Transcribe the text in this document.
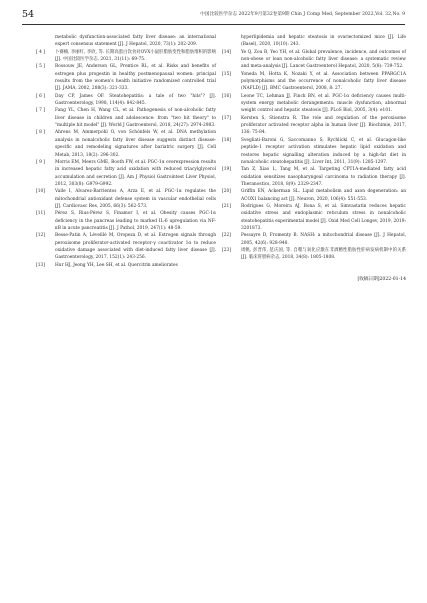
54	中国比较医学杂志 2022年9月第32卷第9期 Chin J Comp Med, September 2022,Vol. 32,No. 9
metabolic dysfunction-associated fatty liver disease: an international expert consensus statement [J]. J Hepatol, 2020, 73(1): 202-209.
[ 4 ] 卜赛楠, 李丽红, 李欣, 等. 长期高蛋白饮食对OVX小鼠肝脂肪变性和脂肪堆积的影响 [J]. 中国比较医学杂志, 2021, 31(11): 69-75.
[ 5 ] Rossouw JE, Anderson GL, Prentice RL, et al. Risks and benefits of estrogen plus progestin in healthy postmenopausal women: principal results from the women's health initiative randomized controlled trial [J]. JAMA, 2002, 288(3): 321-333.
[ 6 ] Day CP, James OF. Steatohepatitis: a tale of two "hits"? [J]. Gastroenterology, 1998, 114(4): 842-845.
[ 7 ] Fang YL, Chen H, Wang CL, et al. Pathogenesis of non-alcoholic fatty liver disease in children and adolescence: from "two hit theory" to "multiple hit model" [J]. World J Gastroenterol, 2018, 24(27): 2974-2983.
[ 8 ] Ahrens M, Ammerpohl O, von Schönfels W, et al. DNA methylation analysis in nonalcoholic fatty liver disease suggests distinct disease-specific and remodeling signatures after bariatric surgery [J]. Cell Metab, 2013, 18(2): 296-302.
[ 9 ] Morris EM, Meers GME, Booth FW, et al. PGC-1α overexpression results in increased hepatic fatty acid oxidation with reduced triacylglycerol accumulation and secretion [J]. Am J Physiol Gastrointest Liver Physiol, 2012, 303(8): G979-G992.
[10] Valle I, Alvarez-Barrientos A, Arza E, et al. PGC-1α regulates the mitochondrial antioxidant defense system in vascular endothelial cells [J]. Cardiovasc Res, 2005, 66(3): 562-573.
[11] Pérez S, Rius-Pérez S, Finamor I, et al. Obesity causes PGC-1α deficiency in the pancreas leading to marked IL-6 upregulation via NF-κB in acute pancreatitis [J]. J Pathol, 2019, 247(1): 48-59.
[12] Besse-Patin A, Léveillé M, Oropeza D, et al. Estrogen signals through peroxisome proliferator-activated receptor-γ coactivator 1α to reduce oxidative damage associated with diet-induced fatty liver disease [J]. Gastroenterology, 2017, 152(1): 243-256.
[13] Hur HJ, Jeong YH, Lee SH, et al. Quercitrin ameliorates
hyperlipidemia and hepatic steatosis in ovariectomized mice [J]. Life (Basel), 2020, 10(10): 243.
[14] Ye Q, Zou B, Yeo YH, et al. Global prevalence, incidence, and outcomes of non-obese or lean non-alcoholic fatty liver disease: a systematic review and meta-analysis [J]. Lancet Gastroenterol Hepatol, 2020, 5(8): 739-752.
[15] Yoneda M, Hotta K, Nozaki Y, et al. Association between PPARGC1A polymorphisms and the occurrence of nonalcoholic fatty liver disease (NAFLD) [J]. BMC Gastroenterol, 2008, 8: 27.
[16] Leone TC, Lehman JJ, Finck BN, et al. PGC-1α deficiency causes multi-system energy metabolic derangements: muscle dysfunction, abnormal weight control and hepatic steatosis [J]. PLoS Biol, 2005, 3(4): e101.
[17] Kersten S, Stienstra R. The role and regulation of the peroxisome proliferator activated receptor alpha in human liver [J]. Biochimie, 2017, 136: 75-84.
[18] Svegliati-Baroni G, Saccomanno S, Rychlicki C, et al. Glucagon-like peptide-1 receptor activation stimulates hepatic lipid oxidation and restores hepatic signalling alteration induced by a high-fat diet in nonalcoholic steatohepatitis [J]. Liver Int, 2011, 31(9): 1285-1297.
[19] Tan Z, Xiao L, Tang M, et al. Targeting CPT1A-mediated fatty acid oxidation sensitizes nasopharyngeal carcinoma to radiation therapy [J]. Theranostics, 2018, 8(9): 2329-2347.
[20] Griffin EN, Ackerman SL. Lipid metabolism and axon degeneration: an ACOX1 balancing act [J]. Neuron, 2020, 106(4): 551-553.
[21] Rodrigues G, Moreira AJ, Bona S, et al. Simvastatin reduces hepatic oxidative stress and endoplasmic reticulum stress in nonalcoholic steatohepatitis experimental model [J]. Oxid Med Cell Longev, 2019, 2019: 3201873.
[22] Pessayre D, Fromenty B. NASH: a mitochondrial disease [J]. J Hepatol, 2005, 42(6): 928-940.
[23] 周帆, 彭晋伟, 范庆国, 等. 自噬与氧化应激在非酒精性脂肪性肝病发病机制中的关系 [J]. 临床肝胆病杂志, 2018, 34(8): 1805-1808.
[收稿日期]2022-01-14
